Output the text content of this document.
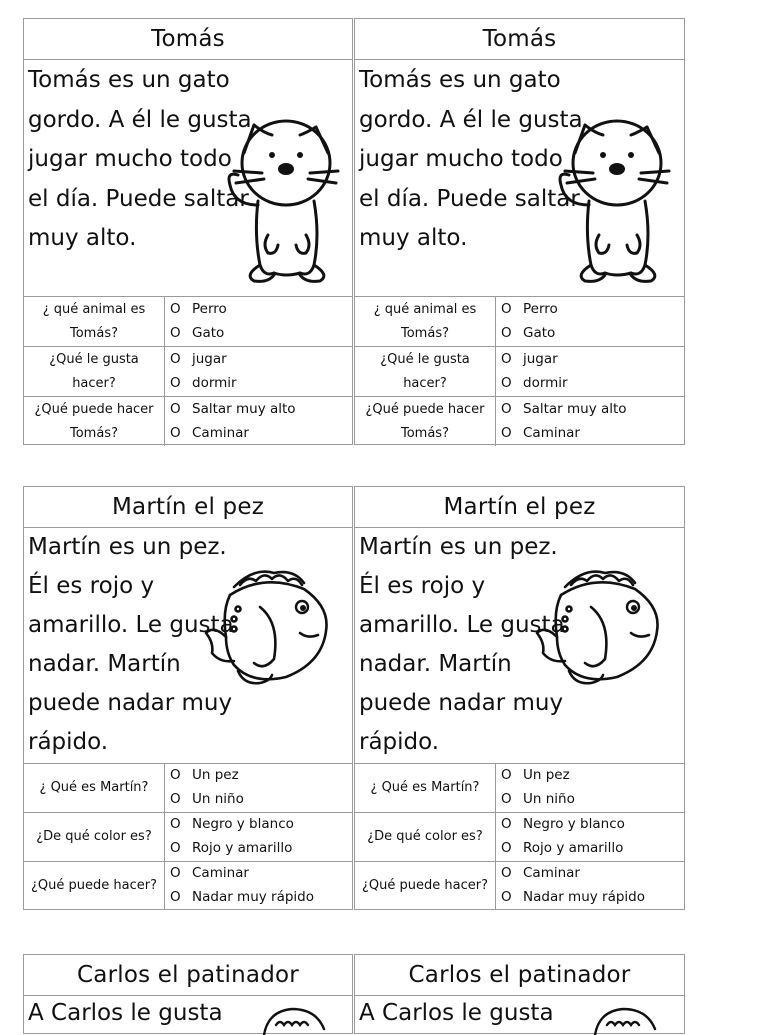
Tomás
Tomás es un gato
gordo. A él le gusta
jugar mucho todo
el día. Puede saltar
muy alto.
¿ qué animal es
Tomás?
O Perro
O Gato
¿Qué le gusta
hacer?
O jugar
O dormir
¿Qué puede hacer
Tomás?
O Saltar muy alto
O Caminar
Tomás
Tomás es un gato
gordo. A él le gusta
jugar mucho todo
el día. Puede saltar
muy alto.
¿ qué animal es
Tomás?
O Perro
O Gato
¿Qué le gusta
hacer?
O jugar
O dormir
¿Qué puede hacer
Tomás?
O Saltar muy alto
O Caminar
Martín el pez
Martín es un pez.
Él es rojo y
amarillo. Le gusta
nadar. Martín
puede nadar muy
rápido.
¿ Qué es Martín?
O Un pez
O Un niño
¿De qué color es?
O Negro y blanco
O Rojo y amarillo
¿Qué puede hacer?
O Caminar
O Nadar muy rápido
Martín el pez
Martín es un pez.
Él es rojo y
amarillo. Le gusta
nadar. Martín
puede nadar muy
rápido.
¿ Qué es Martín?
O Un pez
O Un niño
¿De qué color es?
O Negro y blanco
O Rojo y amarillo
¿Qué puede hacer?
O Caminar
O Nadar muy rápido
Carlos el patinador
A Carlos le gusta
Carlos el patinador
A Carlos le gusta
